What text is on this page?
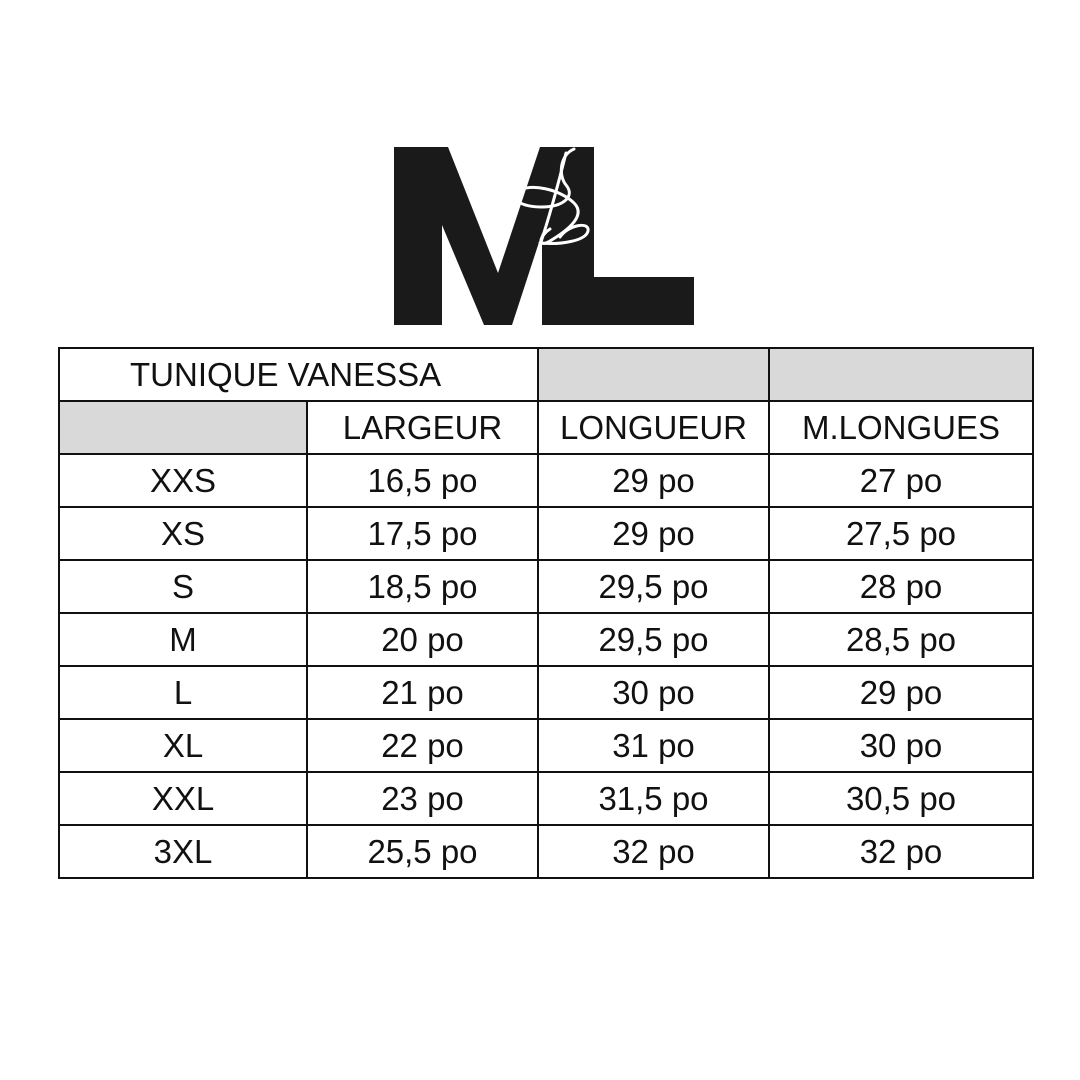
TUNIQUE VANESSA			
	LARGEUR	LONGUEUR	M.LONGUES
XXS	16,5 po	29 po	27 po
XS	17,5 po	29 po	27,5 po
S	18,5 po	29,5 po	28 po
M	20 po	29,5 po	28,5 po
L	21 po	30 po	29 po
XL	22 po	31 po	30 po
XXL	23 po	31,5 po	30,5 po
3XL	25,5 po	32 po	32 po
